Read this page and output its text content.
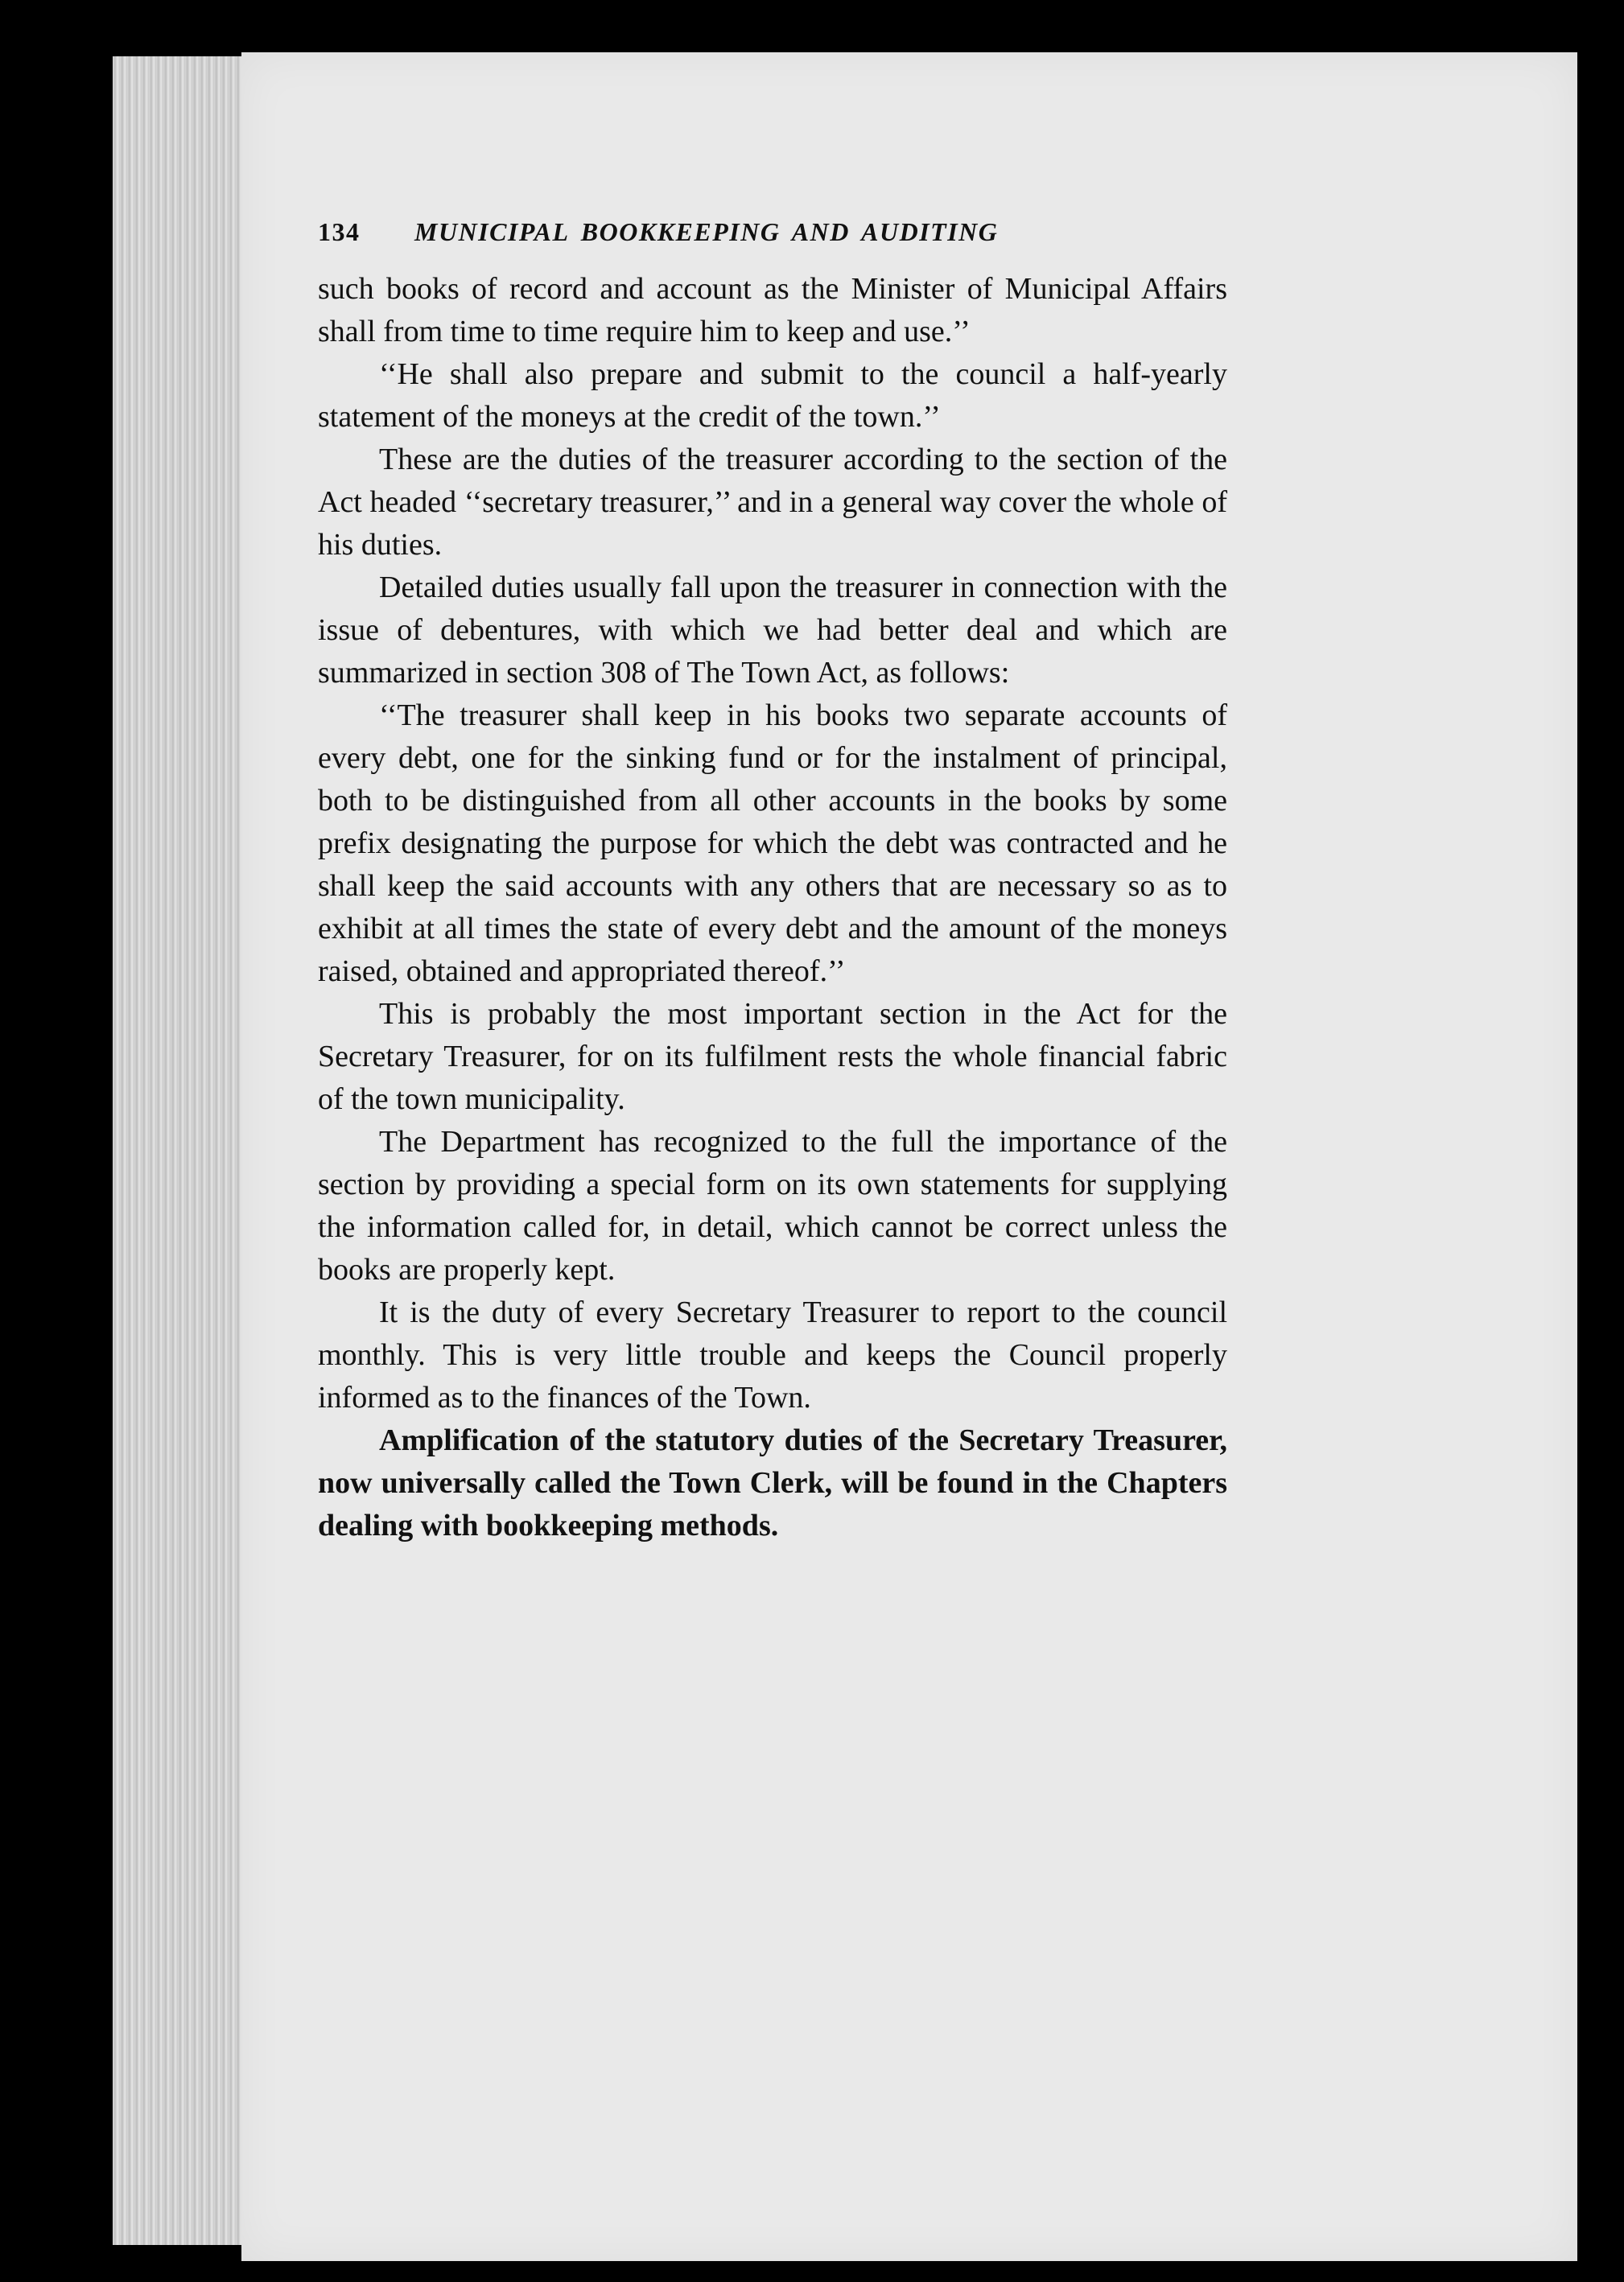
134	MUNICIPAL BOOKKEEPING AND AUDITING

such books of record and account as the Minister of Municipal Affairs shall from time to time require him to keep and use.’’

‘‘He shall also prepare and submit to the council a half-yearly statement of the moneys at the credit of the town.’’

These are the duties of the treasurer according to the section of the Act headed ‘‘secretary treasurer,’’ and in a general way cover the whole of his duties.

Detailed duties usually fall upon the treasurer in connection with the issue of debentures, with which we had better deal and which are summarized in section 308 of The Town Act, as follows:

‘‘The treasurer shall keep in his books two separate accounts of every debt, one for the sinking fund or for the instalment of principal, both to be distinguished from all other accounts in the books by some prefix designating the purpose for which the debt was contracted and he shall keep the said accounts with any others that are necessary so as to exhibit at all times the state of every debt and the amount of the moneys raised, obtained and appropriated thereof.’’

This is probably the most important section in the Act for the Secretary Treasurer, for on its fulfilment rests the whole financial fabric of the town municipality.

The Department has recognized to the full the importance of the section by providing a special form on its own statements for supplying the information called for, in detail, which cannot be correct unless the books are properly kept.

It is the duty of every Secretary Treasurer to report to the council monthly. This is very little trouble and keeps the Council properly informed as to the finances of the Town.

Amplification of the statutory duties of the Secretary Treasurer, now universally called the Town Clerk, will be found in the Chapters dealing with bookkeeping methods.
